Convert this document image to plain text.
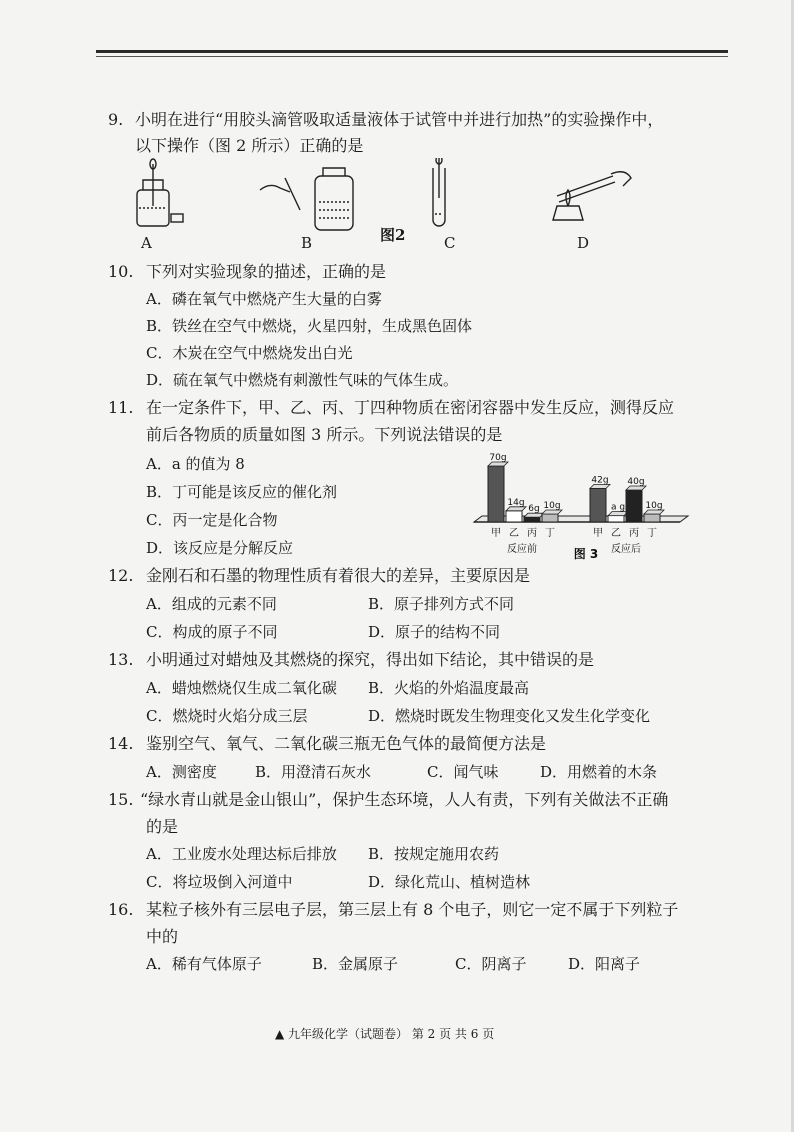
9. 小明在进行“用胶头滴管吸取适量液体于试管中并进行加热”的实验操作中，
以下操作（图 2 所示）正确的是
A	B	图2	C	D
10. 下列对实验现象的描述，正确的是
A．磷在氧气中燃烧产生大量的白雾
B．铁丝在空气中燃烧，火星四射，生成黑色固体
C．木炭在空气中燃烧发出白光
D．硫在氧气中燃烧有刺激性气味的气体生成。
11. 在一定条件下，甲、乙、丙、丁四种物质在密闭容器中发生反应，测得反应
前后各物质的质量如图 3 所示。下列说法错误的是
A．a 的值为 8
B．丁可能是该反应的催化剂
C．丙一定是化合物
D．该反应是分解反应
70g
甲
14g
乙
6g
丙
10g
丁
42g
甲
a g
乙
40g
丙
10g
丁
反应前	图 3 反应后
12. 金刚石和石墨的物理性质有着很大的差异，主要原因是
A．组成的元素不同	B．原子排列方式不同
C．构成的原子不同	D．原子的结构不同
13. 小明通过对蜡烛及其燃烧的探究，得出如下结论，其中错误的是
A．蜡烛燃烧仅生成二氧化碳 B．火焰的外焰温度最高
C．燃烧时火焰分成三层	D．燃烧时既发生物理变化又发生化学变化
14. 鉴别空气、氧气、二氧化碳三瓶无色气体的最简便方法是
A．测密度	B．用澄清石灰水	C．闻气味	D．用燃着的木条
15. “绿水青山就是金山银山”，保护生态环境，人人有责，下列有关做法不正确
的是
A．工业废水处理达标后排放 B．按规定施用农药
C．将垃圾倒入河道中	D．绿化荒山、植树造林
16. 某粒子核外有三层电子层，第三层上有 8 个电子，则它一定不属于下列粒子
中的
A．稀有气体原子	B．金属原子	C．阴离子	D．阳离子
▲ 九年级化学（试题卷） 第 2 页 共 6 页
